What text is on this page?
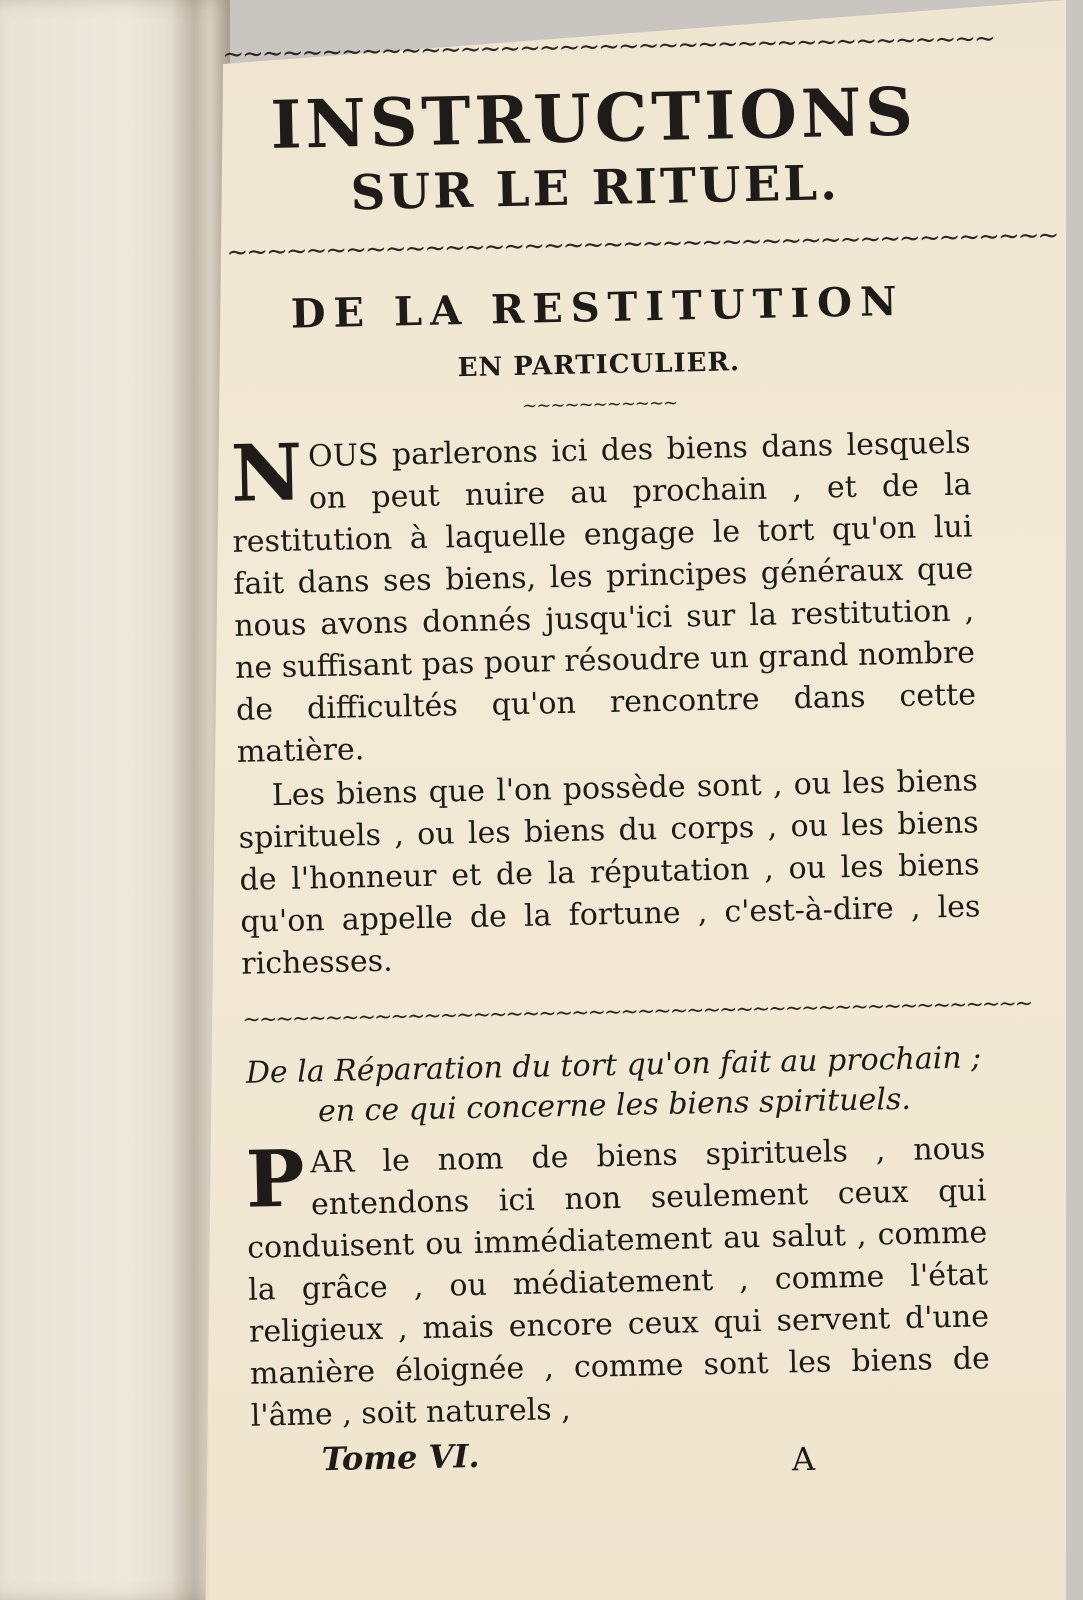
~~~~~~~~~~~~~~~~~~~~~~~~~~~~~~~~~~~~~~~
INSTRUCTIONS
SUR LE RITUEL.
~~~~~~~~~~~~~~~~~~~~~~~~~~~~~~~~~~~~~~~~~~
DE LA RESTITUTION
EN PARTICULIER.
~~~~~~~~~~~

NOUS parlerons ici des biens dans lesquels on peut nuire au prochain , et de la restitution à laquelle engage le tort qu'on lui fait dans ses biens, les principes généraux que nous avons donnés jusqu'ici sur la restitution , ne suffisant pas pour résoudre un grand nombre de difficultés qu'on rencontre dans cette matière.

Les biens que l'on possède sont , ou les biens spirituels , ou les biens du corps , ou les biens de l'honneur et de la réputation , ou les biens qu'on appelle de la fortune , c'est-à-dire , les richesses.

~~~~~~~~~~~~~~~~~~~~~~~~~~~~~~~~~~~~~~~~~~~~~~~~
De la Réparation du tort qu'on fait au prochain ;
en ce qui concerne les biens spirituels.

PAR le nom de biens spirituels , nous entendons ici non seulement ceux qui conduisent ou immédiatement au salut , comme la grâce , ou médiatement , comme l'état religieux , mais encore ceux qui servent d'une manière éloignée , comme sont les biens de l'âme , soit naturels ,

Tome VI.	A
